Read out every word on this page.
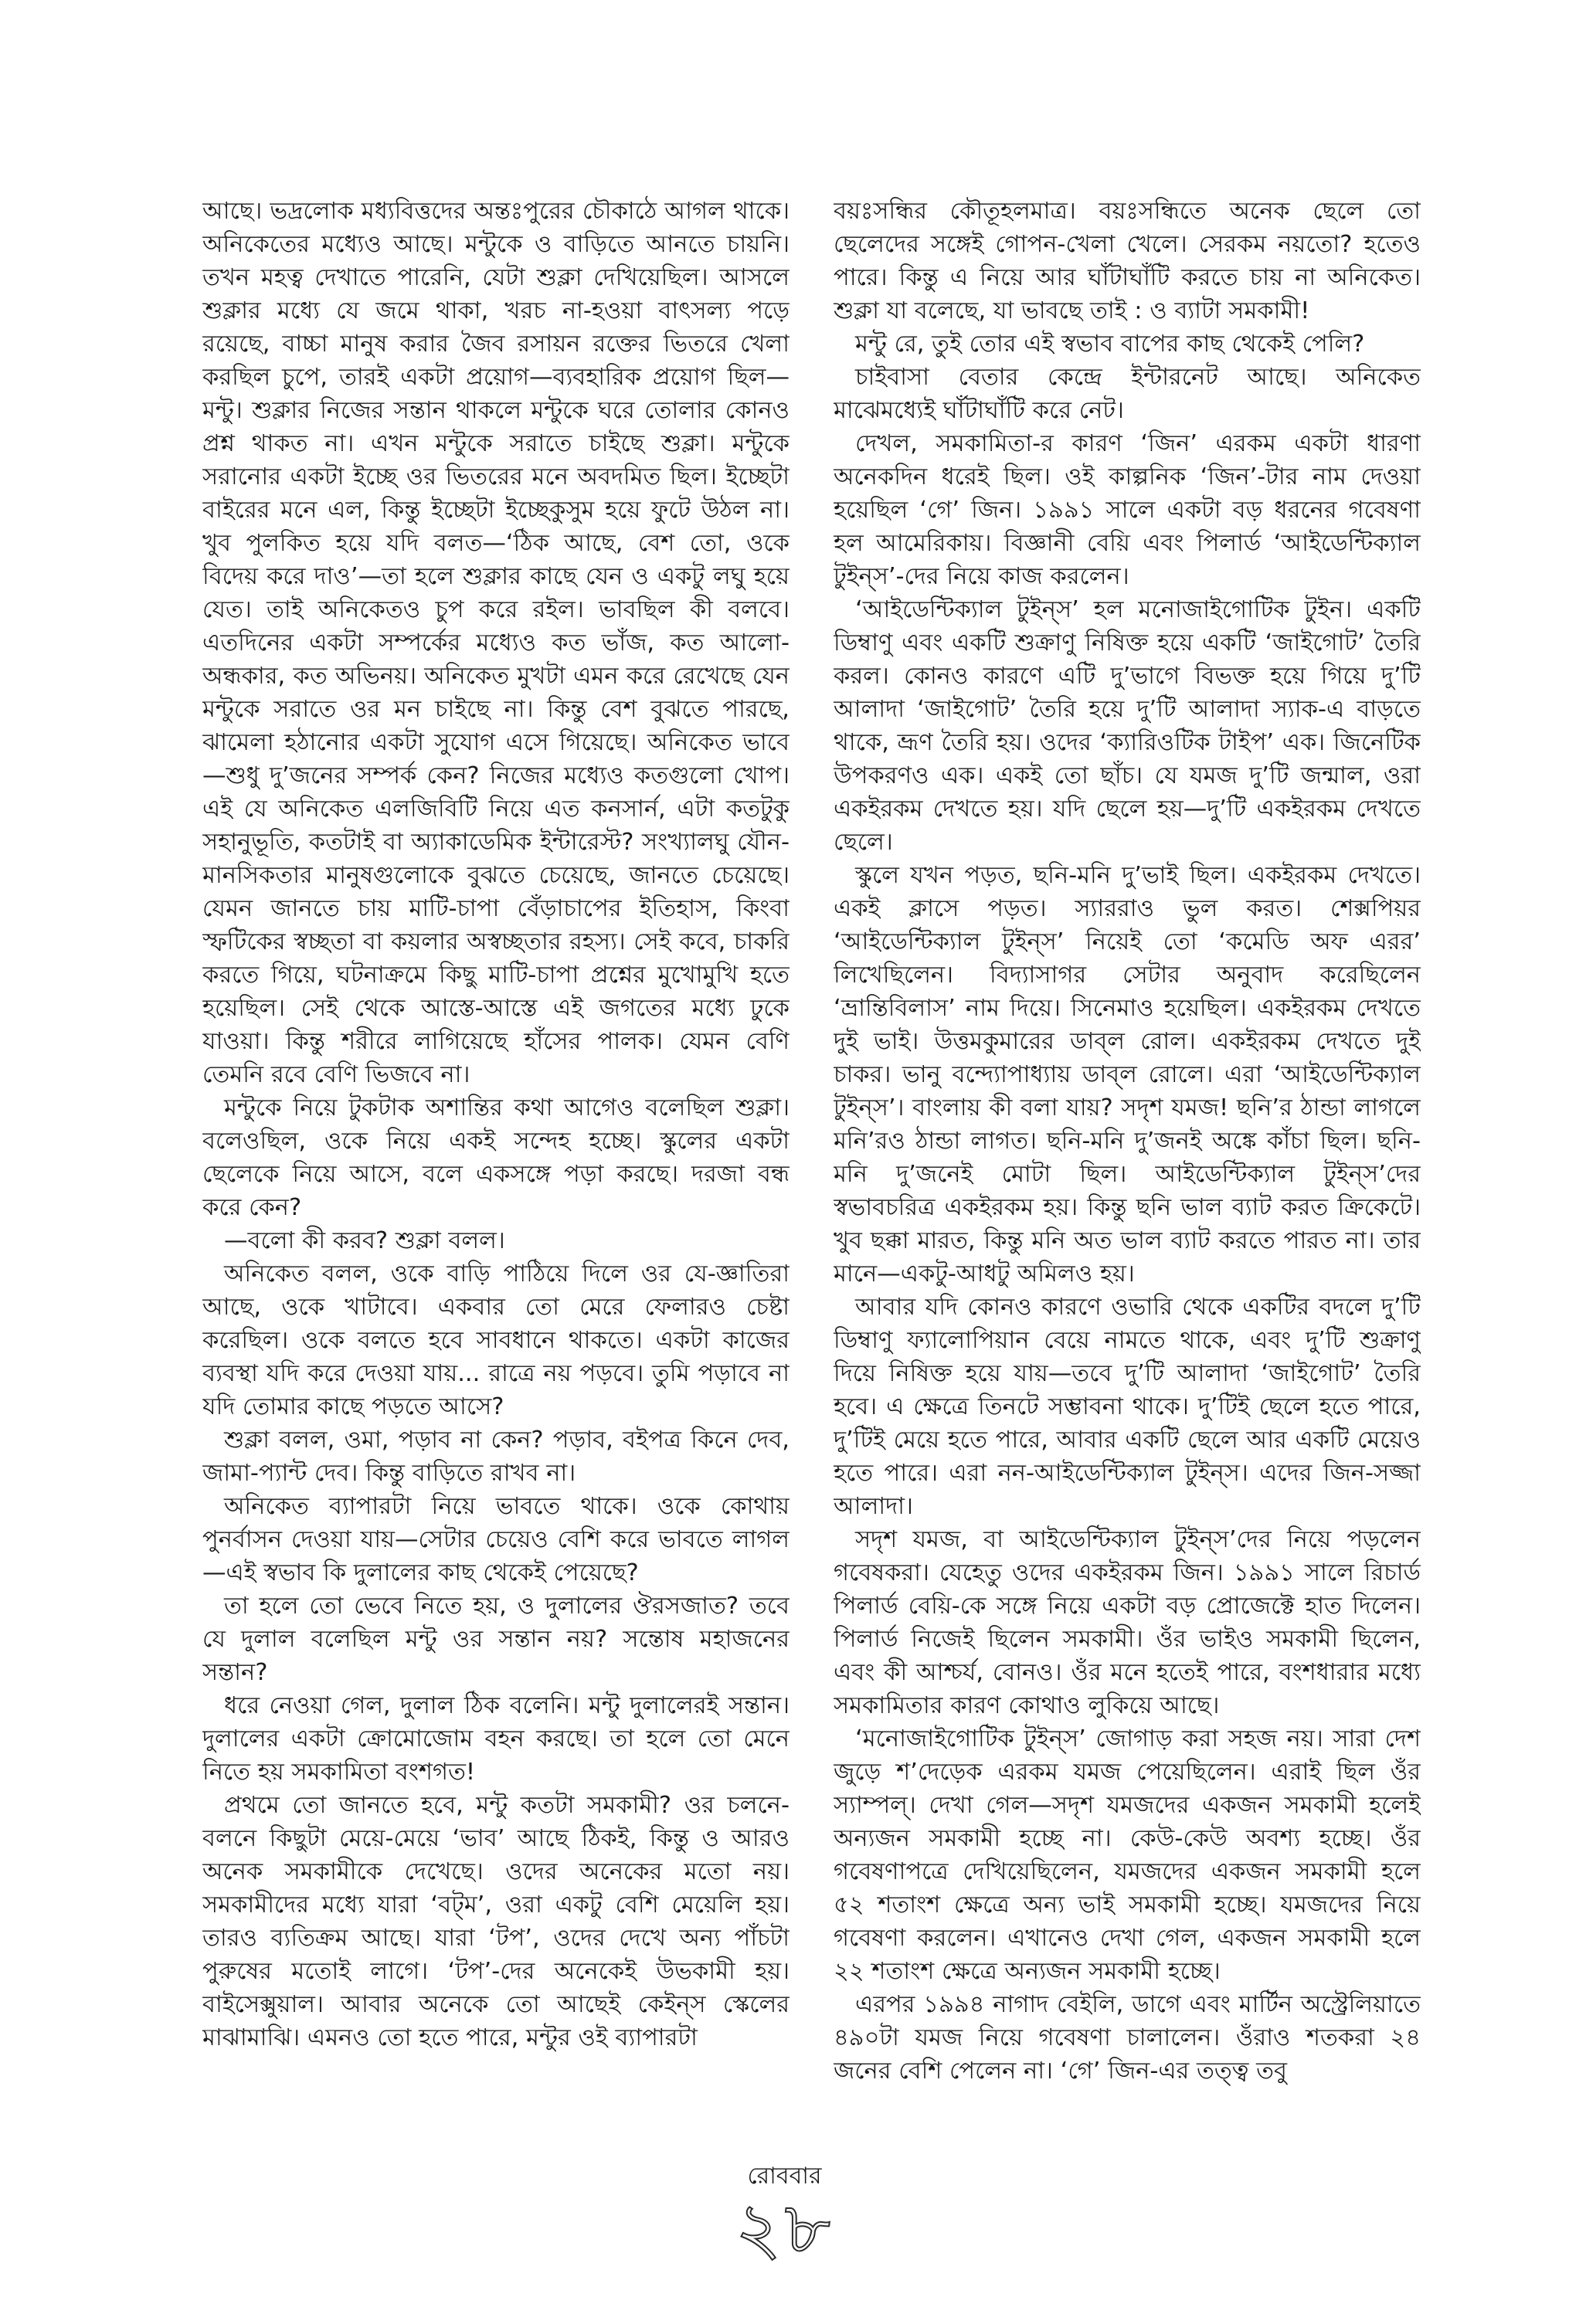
আছে। ভদ্রলোক মধ্যবিত্তদের অন্তঃপুরের চৌকাঠে আগল থাকে। অনিকেতের মধ্যেও আছে। মন্টুকে ও বাড়িতে আনতে চায়নি। তখন মহত্ব দেখাতে পারেনি, যেটা শুক্লা দেখিয়েছিল। আসলে শুক্লার মধ্যে যে জমে থাকা, খরচ না-হওয়া বাৎসল্য পড়ে রয়েছে, বাচ্চা মানুষ করার জৈব রসায়ন রক্তের ভিতরে খেলা করছিল চুপে, তারই একটা প্রয়োগ—ব্যবহারিক প্রয়োগ ছিল—মন্টু। শুক্লার নিজের সন্তান থাকলে মন্টুকে ঘরে তোলার কোনও প্রশ্ন থাকত না। এখন মন্টুকে সরাতে চাইছে শুক্লা। মন্টুকে সরানোর একটা ইচ্ছে ওর ভিতরের মনে অবদমিত ছিল। ইচ্ছেটা বাইরের মনে এল, কিন্তু ইচ্ছেটা ইচ্ছেকুসুম হয়ে ফুটে উঠল না। খুব পুলকিত হয়ে যদি বলত—‘ঠিক আছে, বেশ তো, ওকে বিদেয় করে দাও’—তা হলে শুক্লার কাছে যেন ও একটু লঘু হয়ে যেত। তাই অনিকেতও চুপ করে রইল। ভাবছিল কী বলবে। এতদিনের একটা সম্পর্কের মধ্যেও কত ভাঁজ, কত আলো-অন্ধকার, কত অভিনয়। অনিকেত মুখটা এমন করে রেখেছে যেন মন্টুকে সরাতে ওর মন চাইছে না। কিন্তু বেশ বুঝতে পারছে, ঝামেলা হঠানোর একটা সুযোগ এসে গিয়েছে। অনিকেত ভাবে—শুধু দু’জনের সম্পর্ক কেন? নিজের মধ্যেও কতগুলো খোপ। এই যে অনিকেত এলজিবিটি নিয়ে এত কনসার্ন, এটা কতটুকু সহানুভূতি, কতটাই বা অ্যাকাডেমিক ইন্টারেস্ট? সংখ্যালঘু যৌন-মানসিকতার মানুষগুলোকে বুঝতে চেয়েছে, জানতে চেয়েছে। যেমন জানতে চায় মাটি-চাপা বেঁড়াচাপের ইতিহাস, কিংবা স্ফটিকের স্বচ্ছতা বা কয়লার অস্বচ্ছতার রহস্য। সেই কবে, চাকরি করতে গিয়ে, ঘটনাক্রমে কিছু মাটি-চাপা প্রশ্নের মুখোমুখি হতে হয়েছিল। সেই থেকে আস্তে-আস্তে এই জগতের মধ্যে ঢুকে যাওয়া। কিন্তু শরীরে লাগিয়েছে হাঁসের পালক। যেমন বেণি তেমনি রবে বেণি ভিজবে না।

মন্টুকে নিয়ে টুকটাক অশান্তির কথা আগেও বলেছিল শুক্লা। বলেওছিল, ওকে নিয়ে একই সন্দেহ হচ্ছে। স্কুলের একটা ছেলেকে নিয়ে আসে, বলে একসঙ্গে পড়া করছে। দরজা বন্ধ করে কেন?

—বলো কী করব? শুক্লা বলল।

অনিকেত বলল, ওকে বাড়ি পাঠিয়ে দিলে ওর যে-জ্ঞাতিরা আছে, ওকে খাটাবে। একবার তো মেরে ফেলারও চেষ্টা করেছিল। ওকে বলতে হবে সাবধানে থাকতে। একটা কাজের ব্যবস্থা যদি করে দেওয়া যায়... রাত্রে নয় পড়বে। তুমি পড়াবে না যদি তোমার কাছে পড়তে আসে?

শুক্লা বলল, ওমা, পড়াব না কেন? পড়াব, বইপত্র কিনে দেব, জামা-প্যান্ট দেব। কিন্তু বাড়িতে রাখব না।

অনিকেত ব্যাপারটা নিয়ে ভাবতে থাকে। ওকে কোথায় পুনর্বাসন দেওয়া যায়—সেটার চেয়েও বেশি করে ভাবতে লাগল—এই স্বভাব কি দুলালের কাছ থেকেই পেয়েছে?

তা হলে তো ভেবে নিতে হয়, ও দুলালের ঔরসজাত? তবে যে দুলাল বলেছিল মন্টু ওর সন্তান নয়? সন্তোষ মহাজনের সন্তান?

ধরে নেওয়া গেল, দুলাল ঠিক বলেনি। মন্টু দুলালেরই সন্তান। দুলালের একটা ক্রোমোজোম বহন করছে। তা হলে তো মেনে নিতে হয় সমকামিতা বংশগত!

প্রথমে তো জানতে হবে, মন্টু কতটা সমকামী? ওর চলনে-বলনে কিছুটা মেয়ে-মেয়ে ‘ভাব’ আছে ঠিকই, কিন্তু ও আরও অনেক সমকামীকে দেখেছে। ওদের অনেকের মতো নয়। সমকামীদের মধ্যে যারা ‘বট্‌ম’, ওরা একটু বেশি মেয়েলি হয়। তারও ব্যতিক্রম আছে। যারা ‘টপ’, ওদের দেখে অন্য পাঁচটা পুরুষের মতোই লাগে। ‘টপ’-দের অনেকেই উভকামী হয়। বাইসেক্সুয়াল। আবার অনেকে তো আছেই কেইন্‌স স্কেলের মাঝামাঝি। এমনও তো হতে পারে, মন্টুর ওই ব্যাপারটা

বয়ঃসন্ধির কৌতূহলমাত্র। বয়ঃসন্ধিতে অনেক ছেলে তো ছেলেদের সঙ্গেই গোপন-খেলা খেলে। সেরকম নয়তো? হতেও পারে। কিন্তু এ নিয়ে আর ঘাঁটাঘাঁটি করতে চায় না অনিকেত। শুক্লা যা বলেছে, যা ভাবছে তাই : ও ব্যাটা সমকামী!

মন্টু রে, তুই তোর এই স্বভাব বাপের কাছ থেকেই পেলি?

চাইবাসা বেতার কেন্দ্রে ইন্টারনেট আছে। অনিকেত মাঝেমধ্যেই ঘাঁটাঘাঁটি করে নেট।

দেখল, সমকামিতা-র কারণ ‘জিন’ এরকম একটা ধারণা অনেকদিন ধরেই ছিল। ওই কাল্পনিক ‘জিন’-টার নাম দেওয়া হয়েছিল ‘গে’ জিন। ১৯৯১ সালে একটা বড় ধরনের গবেষণা হল আমেরিকায়। বিজ্ঞানী বেয়ি এবং পিলার্ড ‘আইডেন্টিক্যাল টুইন্‌স’-দের নিয়ে কাজ করলেন।

‘আইডেন্টিক্যাল টুইন্‌স’ হল মনোজাইগোটিক টুইন। একটি ডিম্বাণু এবং একটি শুক্রাণু নিষিক্ত হয়ে একটি ‘জাইগোট’ তৈরি করল। কোনও কারণে এটি দু’ভাগে বিভক্ত হয়ে গিয়ে দু’টি আলাদা ‘জাইগোট’ তৈরি হয়ে দু’টি আলাদা স্যাক-এ বাড়তে থাকে, ভ্রূণ তৈরি হয়। ওদের ‘ক্যারিওটিক টাইপ’ এক। জিনেটিক উপকরণও এক। একই তো ছাঁচ। যে যমজ দু’টি জন্মাল, ওরা একইরকম দেখতে হয়। যদি ছেলে হয়—দু’টি একইরকম দেখতে ছেলে।

স্কুলে যখন পড়ত, ছনি-মনি দু’ভাই ছিল। একইরকম দেখতে। একই ক্লাসে পড়ত। স্যাররাও ভুল করত। শেক্সপিয়র ‘আইডেন্টিক্যাল টুইন্‌স’ নিয়েই তো ‘কমেডি অফ এরর’ লিখেছিলেন। বিদ্যাসাগর সেটার অনুবাদ করেছিলেন ‘ভ্রান্তিবিলাস’ নাম দিয়ে। সিনেমাও হয়েছিল। একইরকম দেখতে দুই ভাই। উত্তমকুমারের ডাব্‌ল রোল। একইরকম দেখতে দুই চাকর। ভানু বন্দ্যোপাধ্যায় ডাব্‌ল রোলে। এরা ‘আইডেন্টিক্যাল টুইন্‌স’। বাংলায় কী বলা যায়? সদৃশ যমজ! ছনি’র ঠান্ডা লাগলে মনি’রও ঠান্ডা লাগত। ছনি-মনি দু’জনই অঙ্কে কাঁচা ছিল। ছনি-মনি দু’জনেই মোটা ছিল। আইডেন্টিক্যাল টুইন্‌স’দের স্বভাবচরিত্র একইরকম হয়। কিন্তু ছনি ভাল ব্যাট করত ক্রিকেটে। খুব ছক্কা মারত, কিন্তু মনি অত ভাল ব্যাট করতে পারত না। তার মানে—একটু-আধটু অমিলও হয়।

আবার যদি কোনও কারণে ওভারি থেকে একটির বদলে দু’টি ডিম্বাণু ফ্যালোপিয়ান বেয়ে নামতে থাকে, এবং দু’টি শুক্রাণু দিয়ে নিষিক্ত হয়ে যায়—তবে দু’টি আলাদা ‘জাইগোট’ তৈরি হবে। এ ক্ষেত্রে তিনটে সম্ভাবনা থাকে। দু’টিই ছেলে হতে পারে, দু’টিই মেয়ে হতে পারে, আবার একটি ছেলে আর একটি মেয়েও হতে পারে। এরা নন-আইডেন্টিক্যাল টুইন্‌স। এদের জিন-সজ্জা আলাদা।

সদৃশ যমজ, বা আইডেন্টিক্যাল টুইন্‌স’দের নিয়ে পড়লেন গবেষকরা। যেহেতু ওদের একইরকম জিন। ১৯৯১ সালে রিচার্ড পিলার্ড বেয়ি-কে সঙ্গে নিয়ে একটা বড় প্রোজেক্টে হাত দিলেন। পিলার্ড নিজেই ছিলেন সমকামী। ওঁর ভাইও সমকামী ছিলেন, এবং কী আশ্চর্য, বোনও। ওঁর মনে হতেই পারে, বংশধারার মধ্যে সমকামিতার কারণ কোথাও লুকিয়ে আছে।

‘মনোজাইগোটিক টুইন্‌স’ জোগাড় করা সহজ নয়। সারা দেশ জুড়ে শ’দেড়েক এরকম যমজ পেয়েছিলেন। এরাই ছিল ওঁর স্যাম্পল্‌। দেখা গেল—সদৃশ যমজদের একজন সমকামী হলেই অন্যজন সমকামী হচ্ছে না। কেউ-কেউ অবশ্য হচ্ছে। ওঁর গবেষণাপত্রে দেখিয়েছিলেন, যমজদের একজন সমকামী হলে ৫২ শতাংশ ক্ষেত্রে অন্য ভাই সমকামী হচ্ছে। যমজদের নিয়ে গবেষণা করলেন। এখানেও দেখা গেল, একজন সমকামী হলে ২২ শতাংশ ক্ষেত্রে অন্যজন সমকামী হচ্ছে।

এরপর ১৯৯৪ নাগাদ বেইলি, ডাগে এবং মার্টিন অস্ট্রেলিয়াতে ৪৯০টা যমজ নিয়ে গবেষণা চালালেন। ওঁরাও শতকরা ২৪ জনের বেশি পেলেন না। ‘গে’ জিন-এর তত্ত্ব তবু

রোববার
২৮
